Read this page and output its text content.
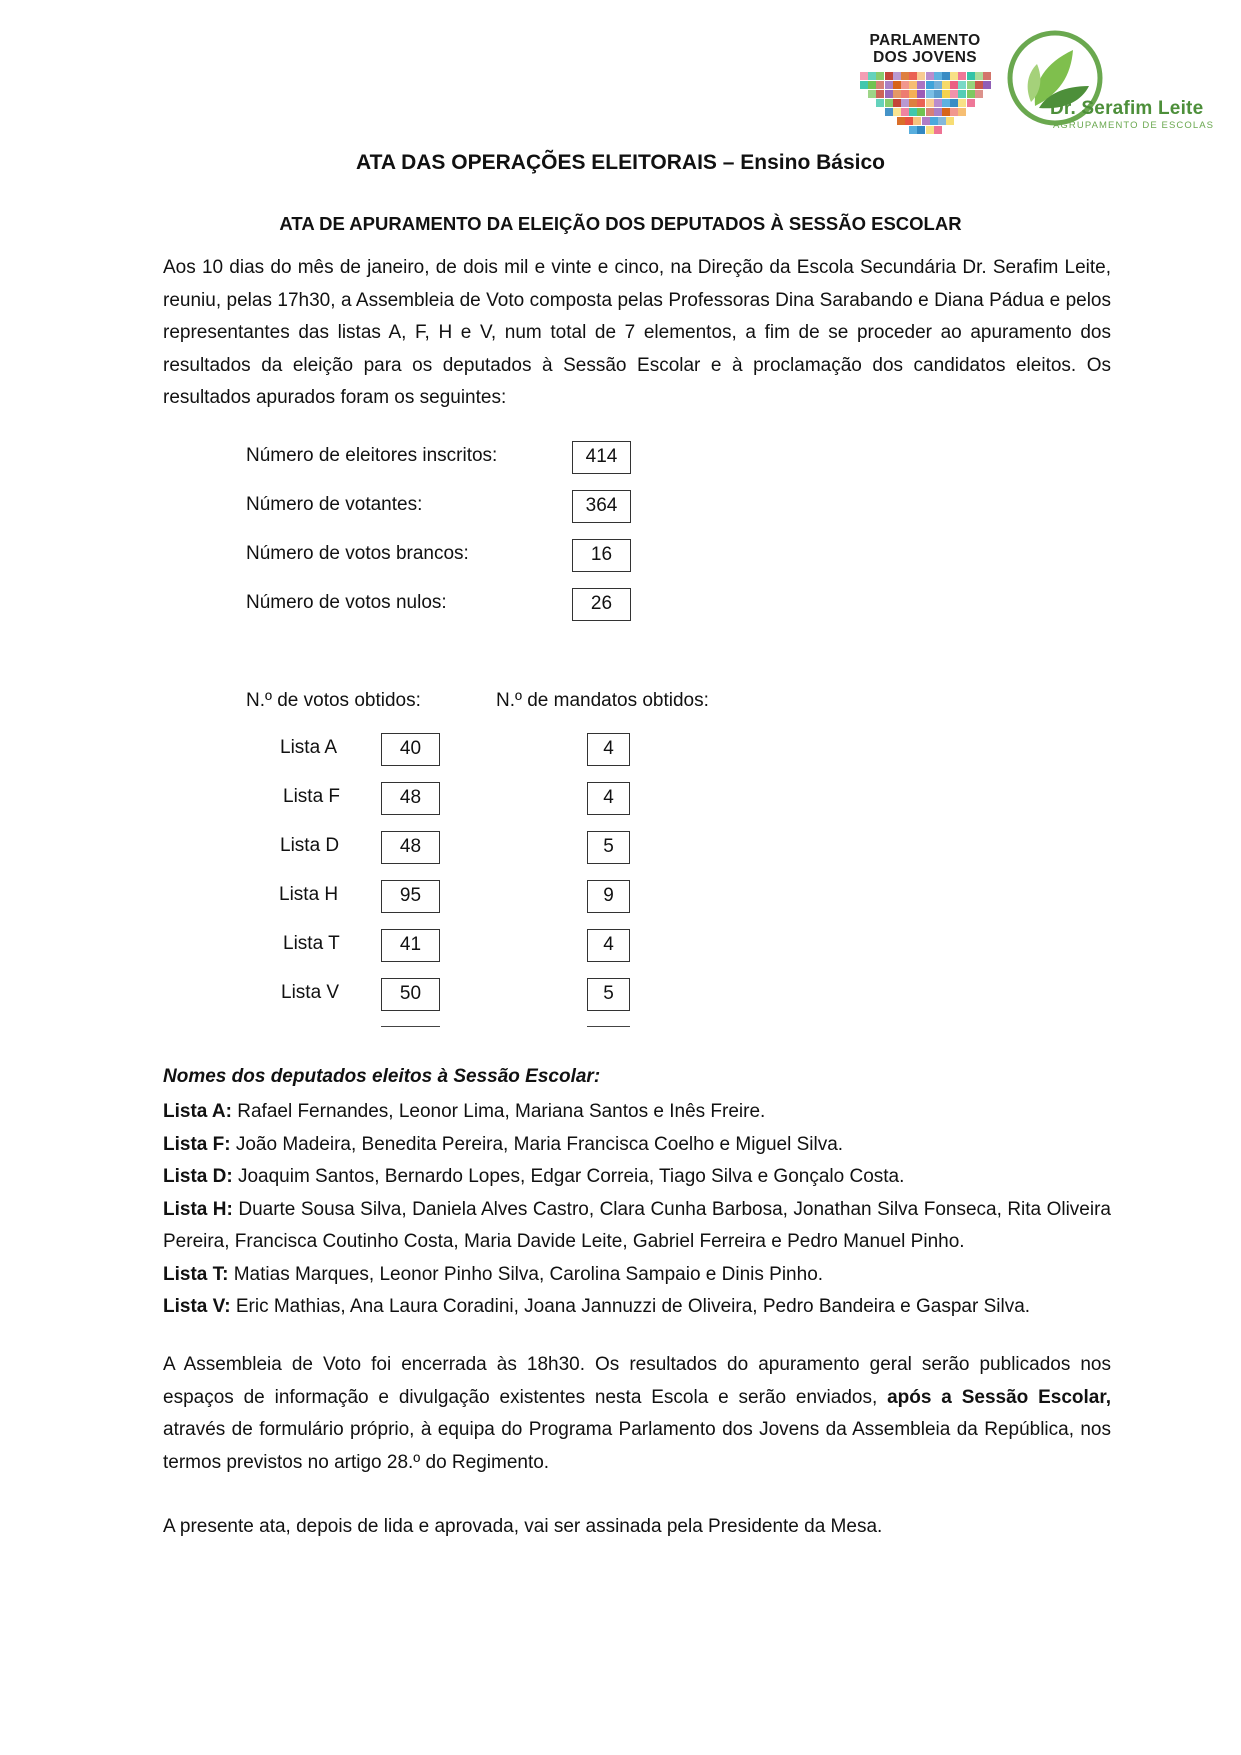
PARLAMENTO
DOS JOVENS
Dr. Serafim Leite
AGRUPAMENTO DE ESCOLAS
ATA DAS OPERAÇÕES ELEITORAIS – Ensino Básico
ATA DE APURAMENTO DA ELEIÇÃO DOS DEPUTADOS À SESSÃO ESCOLAR
Aos 10 dias do mês de janeiro, de dois mil e vinte e cinco, na Direção da Escola Secundária Dr. Serafim Leite, reuniu, pelas 17h30, a Assembleia de Voto composta pelas Professoras Dina Sarabando e Diana Pádua e pelos representantes das listas A, F, H e V, num total de 7 elementos, a fim de se proceder ao apuramento dos resultados da eleição para os deputados à Sessão Escolar e à proclamação dos candidatos eleitos. Os resultados apurados foram os seguintes:
Número de eleitores inscritos:	414
Número de votantes:	364
Número de votos brancos:	16
Número de votos nulos:	26
N.º de votos obtidos:	N.º de mandatos obtidos:
Lista A	40	4
Lista F	48	4
Lista D	48	5
Lista H	95	9
Lista T	41	4
Lista V	50	5
Nomes dos deputados eleitos à Sessão Escolar:
Lista A: Rafael Fernandes, Leonor Lima, Mariana Santos e Inês Freire.
Lista F: João Madeira, Benedita Pereira, Maria Francisca Coelho e Miguel Silva.
Lista D: Joaquim Santos, Bernardo Lopes, Edgar Correia, Tiago Silva e Gonçalo Costa.
Lista H: Duarte Sousa Silva, Daniela Alves Castro, Clara Cunha Barbosa, Jonathan Silva Fonseca, Rita Oliveira Pereira, Francisca Coutinho Costa, Maria Davide Leite, Gabriel Ferreira e Pedro Manuel Pinho.
Lista T: Matias Marques, Leonor Pinho Silva, Carolina Sampaio e Dinis Pinho.
Lista V: Eric Mathias, Ana Laura Coradini, Joana Jannuzzi de Oliveira, Pedro Bandeira e Gaspar Silva.
A Assembleia de Voto foi encerrada às 18h30. Os resultados do apuramento geral serão publicados nos espaços de informação e divulgação existentes nesta Escola e serão enviados, após a Sessão Escolar, através de formulário próprio, à equipa do Programa Parlamento dos Jovens da Assembleia da República, nos termos previstos no artigo 28.º do Regimento.
A presente ata, depois de lida e aprovada, vai ser assinada pela Presidente da Mesa.
